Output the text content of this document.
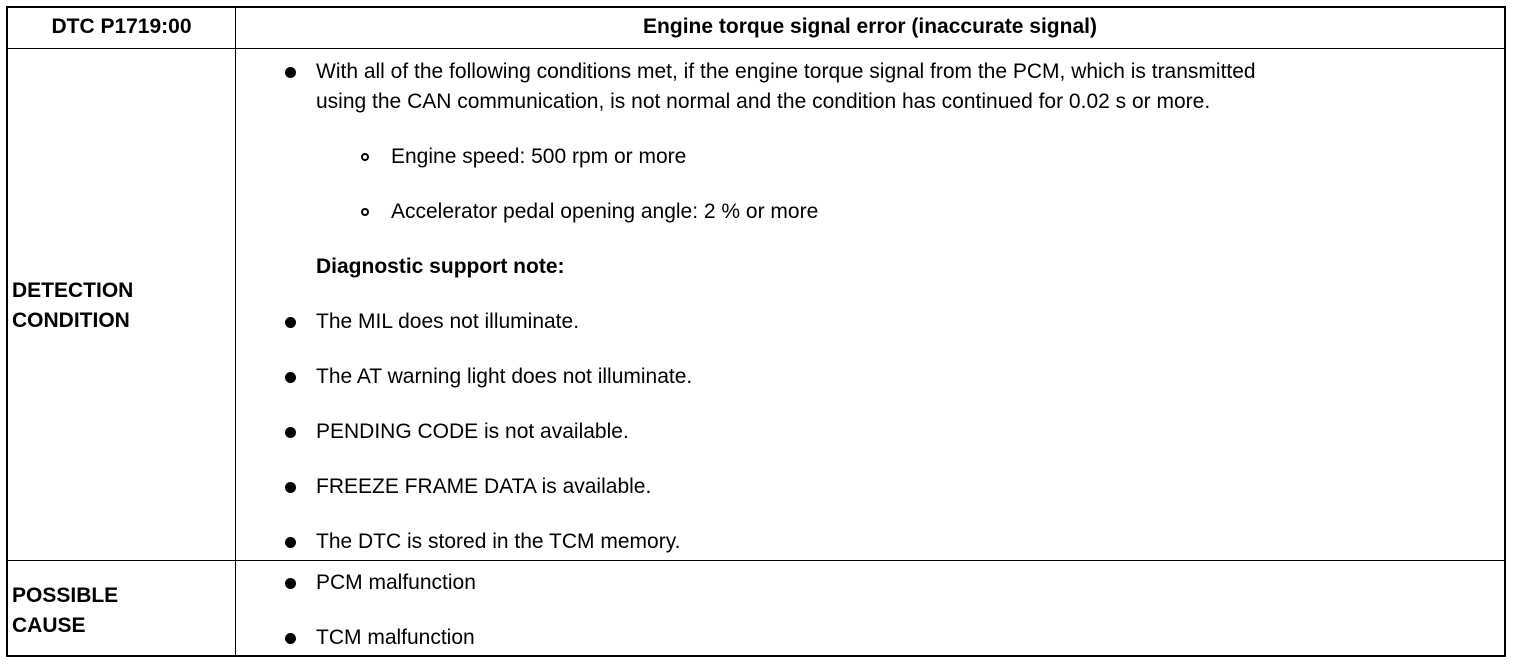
DTC P1719:00	Engine torque signal error (inaccurate signal)
DETECTION
CONDITION
With all of the following conditions met, if the engine torque signal from the PCM, which is transmitted
using the CAN communication, is not normal and the condition has continued for 0.02 s or more.
Engine speed: 500 rpm or more
Accelerator pedal opening angle: 2 % or more
Diagnostic support note:
The MIL does not illuminate.
The AT warning light does not illuminate.
PENDING CODE is not available.
FREEZE FRAME DATA is available.
The DTC is stored in the TCM memory.
POSSIBLE
CAUSE
PCM malfunction
TCM malfunction
